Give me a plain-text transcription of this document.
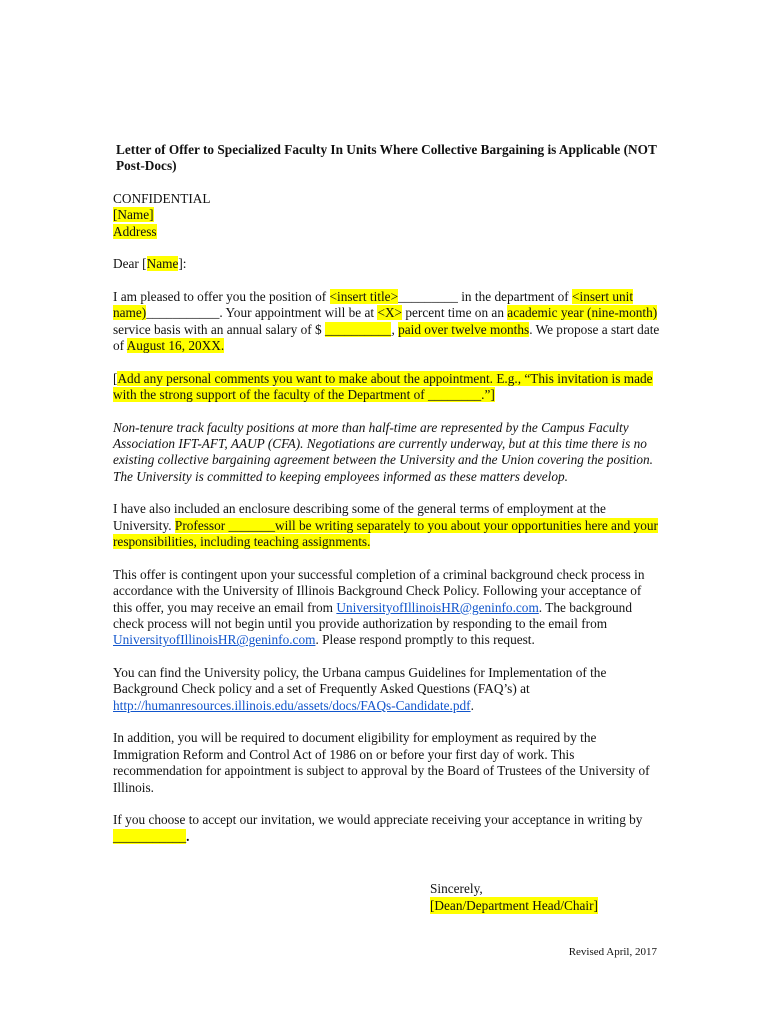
Letter of Offer to Specialized Faculty In Units Where Collective Bargaining is Applicable (NOT Post-Docs)

CONFIDENTIAL
[Name]
Address

Dear [Name]:

I am pleased to offer you the position of <insert title>_________ in the department of <insert unit name)___________. Your appointment will be at <X> percent time on an academic year (nine-month) service basis with an annual salary of $ __________, paid over twelve months. We propose a start date of August 16, 20XX.

[Add any personal comments you want to make about the appointment. E.g., “This invitation is made with the strong support of the faculty of the Department of ________.”]

Non-tenure track faculty positions at more than half-time are represented by the Campus Faculty Association IFT-AFT, AAUP (CFA). Negotiations are currently underway, but at this time there is no existing collective bargaining agreement between the University and the Union covering the position. The University is committed to keeping employees informed as these matters develop.

I have also included an enclosure describing some of the general terms of employment at the University. Professor _______will be writing separately to you about your opportunities here and your responsibilities, including teaching assignments.

This offer is contingent upon your successful completion of a criminal background check process in accordance with the University of Illinois Background Check Policy. Following your acceptance of this offer, you may receive an email from UniversityofIllinoisHR@geninfo.com. The background check process will not begin until you provide authorization by responding to the email from UniversityofIllinoisHR@geninfo.com. Please respond promptly to this request.

You can find the University policy, the Urbana campus Guidelines for Implementation of the Background Check policy and a set of Frequently Asked Questions (FAQ’s) at http://humanresources.illinois.edu/assets/docs/FAQs-Candidate.pdf.

In addition, you will be required to document eligibility for employment as required by the Immigration Reform and Control Act of 1986 on or before your first day of work. This recommendation for appointment is subject to approval by the Board of Trustees of the University of Illinois.

If you choose to accept our invitation, we would appreciate receiving your acceptance in writing by ___________.

Sincerely,
[Dean/Department Head/Chair]
Revised April, 2017
